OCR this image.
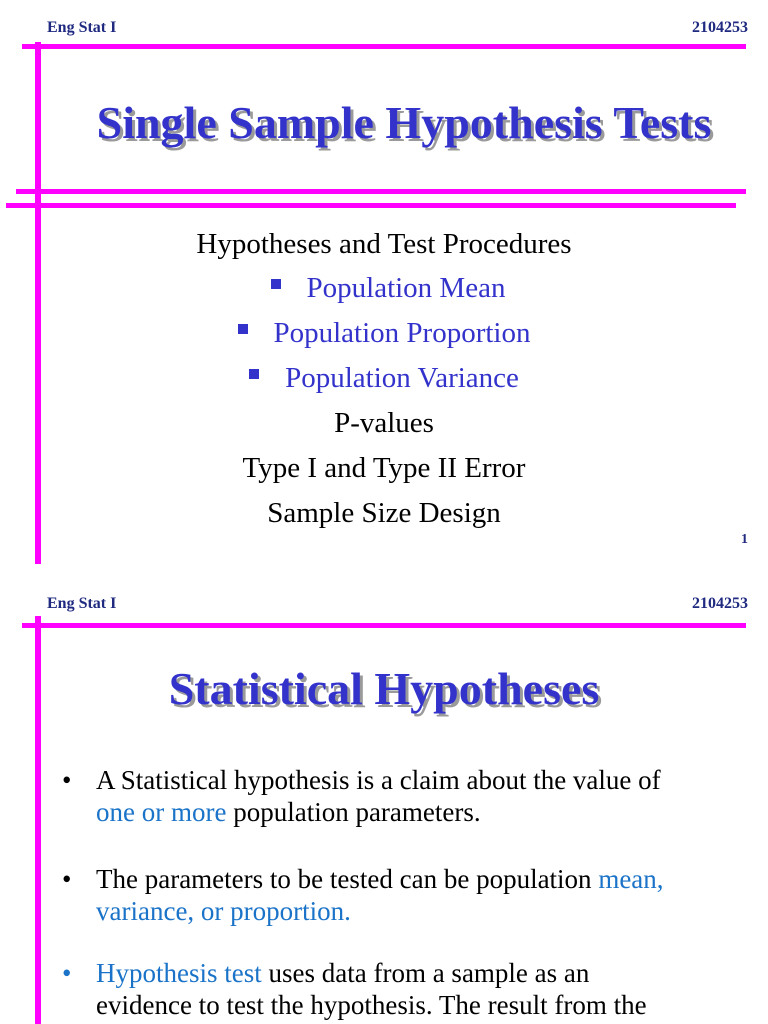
Eng Stat I	2104253
Single Sample Hypothesis Tests
Hypotheses and Test Procedures
Population Mean
Population Proportion
Population Variance
P-values
Type I and Type II Error
Sample Size Design
1
Eng Stat I	2104253
Statistical Hypotheses
• A Statistical hypothesis is a claim about the value of
one or more population parameters.
• The parameters to be tested can be population mean,
variance, or proportion.
• Hypothesis test uses data from a sample as an
evidence to test the hypothesis. The result from the
